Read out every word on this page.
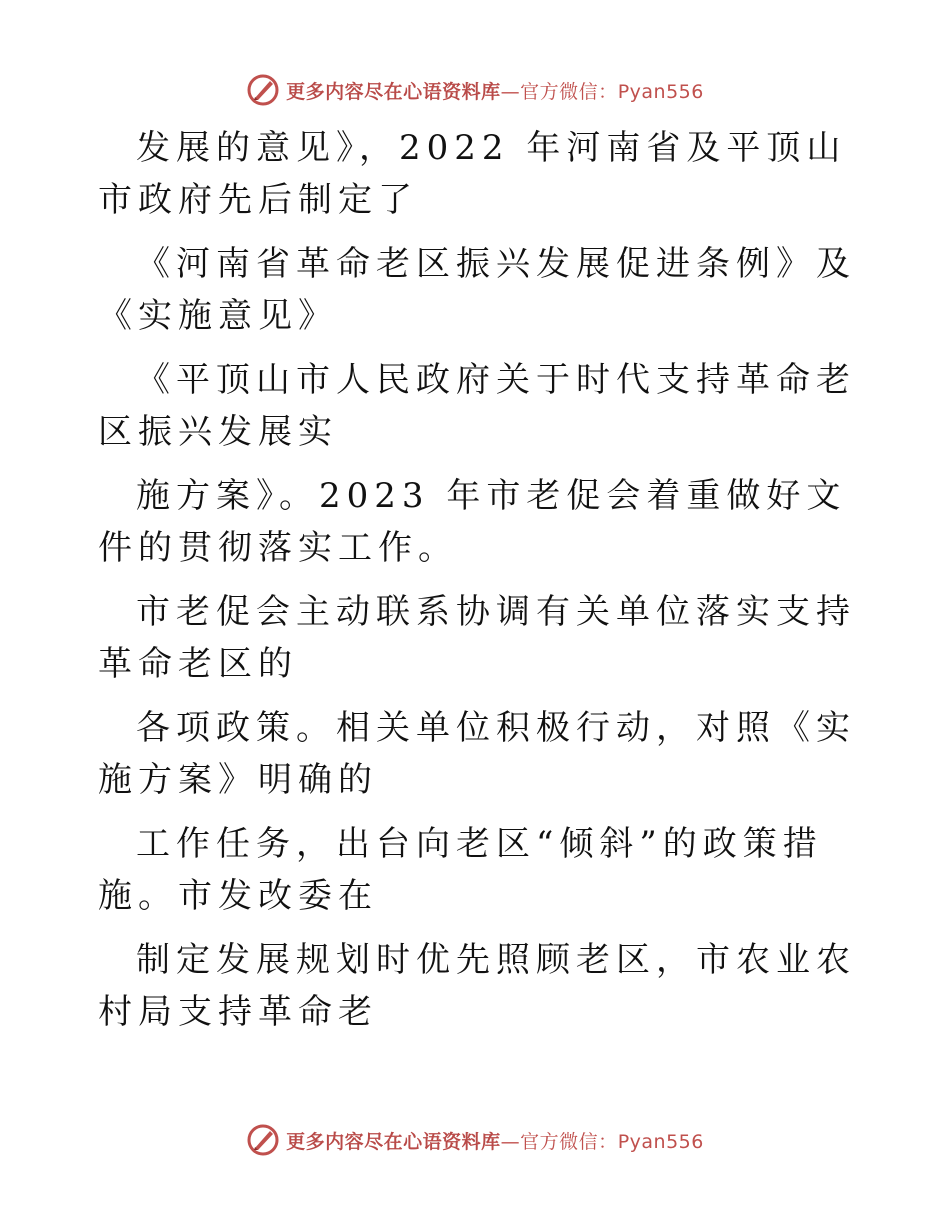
更多内容尽在心语资料库—官方微信：Pyan556

发展的意见》，2022 年河南省及平顶山市政府先后制定了

《河南省革命老区振兴发展促进条例》及《实施意见》

《平顶山市人民政府关于时代支持革命老区振兴发展实

施方案》。2023 年市老促会着重做好文件的贯彻落实工作。

市老促会主动联系协调有关单位落实支持革命老区的

各项政策。相关单位积极行动，对照《实施方案》明确的

工作任务，出台向老区“倾斜”的政策措施。市发改委在

制定发展规划时优先照顾老区，市农业农村局支持革命老

更多内容尽在心语资料库—官方微信：Pyan556
